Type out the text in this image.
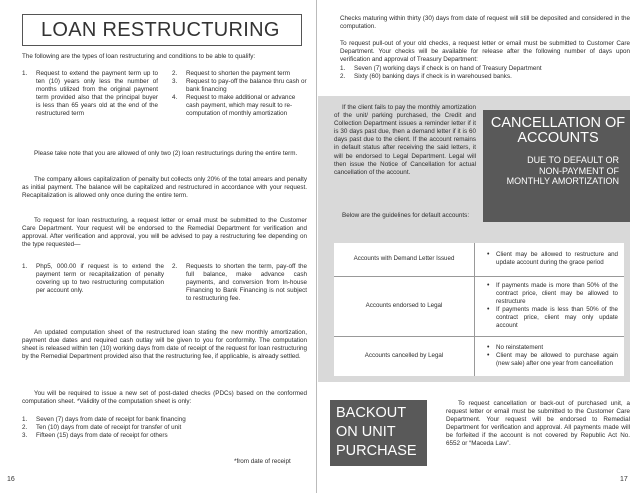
LOAN RESTRUCTURING
The following are the types of loan restructuring and conditions to be able to qualify:
1. Request to extend the payment term up to ten (10) years only less the number of months utilized from the original payment term provided also that the principal buyer is less than 65 years old at the end of the restructured term
2. Request to shorten the payment term
3. Request to pay-off the balance thru cash or bank financing
4. Request to make additional or advance cash payment, which may result to re-computation of monthly amortization
Please take note that you are allowed of only two (2) loan restructurings during the entire term.
The company allows capitalization of penalty but collects only 20% of the total arrears and penalty as initial payment. The balance will be capitalized and restructured in accordance with your request. Recapitalization is allowed only once during the entire term.
To request for loan restructuring, a request letter or email must be submitted to the Customer Care Department. Your request will be endorsed to the Remedial Department for verification and approval. After verification and approval, you will be advised to pay a restructuring fee depending on the type requested—
1. Php5, 000.00 if request is to extend the payment term or recapitalization of penalty covering up to two restructuring computation per account only.
2. Requests to shorten the term, pay-off the full balance, make advance cash payments, and conversion from In-house Financing to Bank Financing is not subject to restructuring fee.
An updated computation sheet of the restructured loan stating the new monthly amortization, payment due dates and required cash outlay will be given to you for conformity. The computation sheet is released within ten (10) working days from date of receipt of the request for loan restructuring by the Remedial Department provided also that the restructuring fee, if applicable, is already settled.
You will be required to issue a new set of post-dated checks (PDCs) based on the conformed computation sheet. *Validity of the computation sheet is only:
1. Seven (7) days from date of receipt for bank financing
2. Ten (10) days from date of receipt for transfer of unit
3. Fifteen (15) days from date of receipt for others
*from date of receipt
16
Checks maturing within thirty (30) days from date of request will still be deposited and considered in the computation.
To request pull-out of your old checks, a request letter or email must be submitted to Customer Care Department. Your checks will be available for release after the following number of days upon verification and approval of Treasury Department:
1. Seven (7) working days if check is on hand of Treasury Department
2. Sixty (60) banking days if check is in warehoused banks.
If the client fails to pay the monthly amortization of the unit/ parking purchased, the Credit and Collection Department issues a reminder letter if it is 30 days past due, then a demand letter if it is 60 days past due to the client. If the account remains in default status after receiving the said letters, it will be endorsed to Legal Department. Legal will then issue the Notice of Cancellation for actual cancellation of the account.
Below are the guidelines for default accounts:
CANCELLATION OF ACCOUNTS
DUE TO DEFAULT OR NON-PAYMENT OF MONTHLY AMORTIZATION
Accounts with Demand Letter Issued	• Client may be allowed to restructure and update account during the grace period

Accounts endorsed to Legal	• If payments made is more than 50% of the contract price, client may be allowed to restructure
• If payments made is less than 50% of the contract price, client may only update account

Accounts cancelled by Legal	• No reinstatement
• Client may be allowed to purchase again (new sale) after one year from cancellation
BACKOUT ON UNIT PURCHASE
To request cancellation or back-out of purchased unit, a request letter or email must be submitted to the Customer Care Department. Your request will be endorsed to Remedial Department for verification and approval. All payments made will be forfeited if the account is not covered by Republic Act No. 6552 or “Maceda Law”.
17
